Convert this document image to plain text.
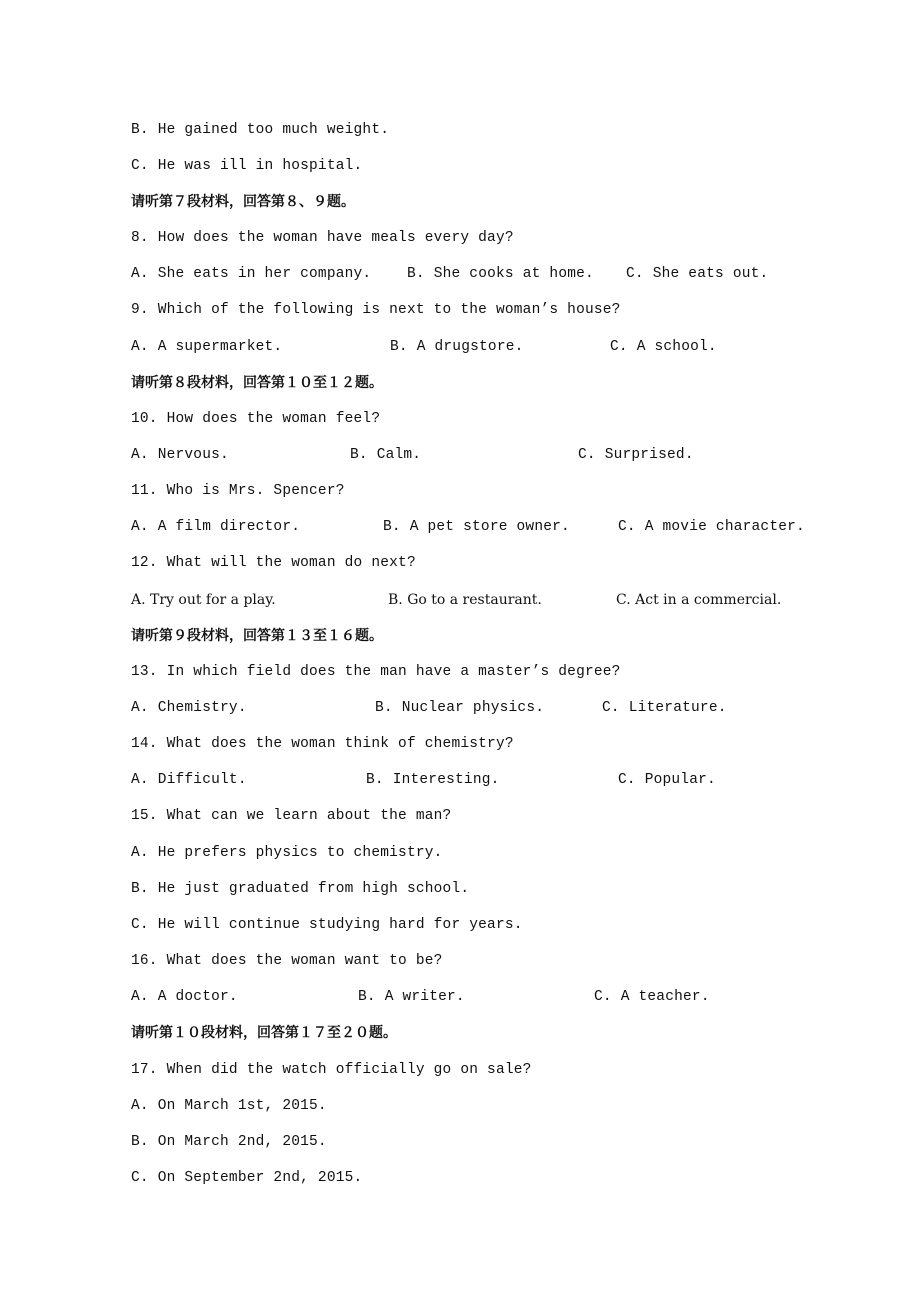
B. He gained too much weight.
C. He was ill in hospital.
请听第７段材料，回答第８、９题。
8. How does the woman have meals every day?
A. She eats in her company. B. She cooks at home. C. She eats out.
9. Which of the following is next to the woman’s house?
A. A supermarket.	B. A drugstore.	C. A school.
请听第８段材料，回答第１０至１２题。
10. How does the woman feel?
A. Nervous.	B. Calm.	C. Surprised.
11. Who is Mrs. Spencer?
A. A film director.	B. A pet store owner.	C. A movie character.
12. What will the woman do next?
A. Try out for a play.	B. Go to a restaurant.	C. Act in a commercial.
请听第９段材料，回答第１３至１６题。
13. In which field does the man have a master’s degree?
A. Chemistry.	B. Nuclear physics.	C. Literature.
14. What does the woman think of chemistry?
A. Difficult.	B. Interesting.	C. Popular.
15. What can we learn about the man?
A. He prefers physics to chemistry.
B. He just graduated from high school.
C. He will continue studying hard for years.
16. What does the woman want to be?
A. A doctor.	B. A writer.	C. A teacher.
请听第１０段材料，回答第１７至２０题。
17. When did the watch officially go on sale?
A. On March 1st, 2015.
B. On March 2nd, 2015.
C. On September 2nd, 2015.
